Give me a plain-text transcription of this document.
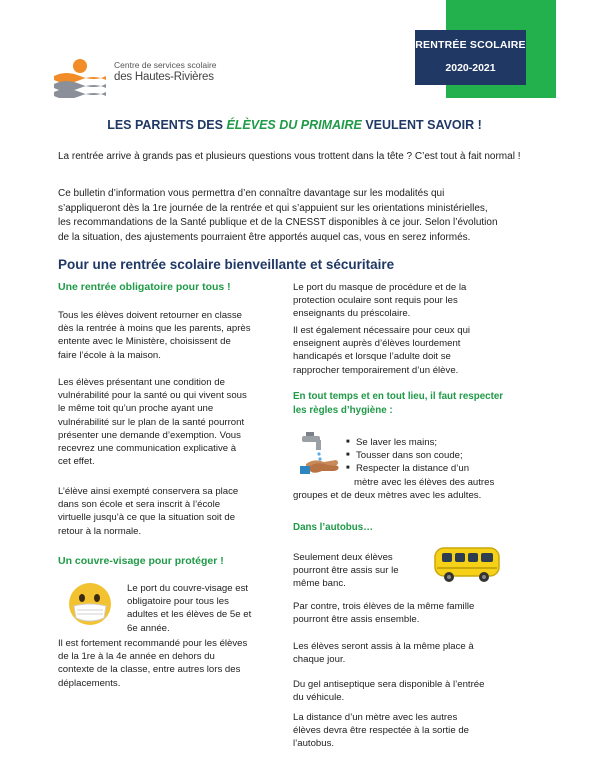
Centre de services scolaire
des Hautes-Rivières
RENTRÉE SCOLAIRE
2020-2021
LES PARENTS DES ÉLÈVES DU PRIMAIRE VEULENT SAVOIR !
La rentrée arrive à grands pas et plusieurs questions vous trottent dans la tête ? C’est tout à fait normal !
Ce bulletin d’information vous permettra d’en connaître davantage sur les modalités qui
s’appliqueront dès la 1re journée de la rentrée et qui s’appuient sur les orientations ministérielles,
les recommandations de la Santé publique et de la CNESST disponibles à ce jour. Selon l’évolution
de la situation, des ajustements pourraient être apportés auquel cas, vous en serez informés.
Pour une rentrée scolaire bienveillante et sécuritaire
Une rentrée obligatoire pour tous !
Tous les élèves doivent retourner en classe
dès la rentrée à moins que les parents, après
entente avec le Ministère, choisissent de
faire l’école à la maison.
Les élèves présentant une condition de
vulnérabilité pour la santé ou qui vivent sous
le même toit qu’un proche ayant une
vulnérabilité sur le plan de la santé pourront
présenter une demande d’exemption. Vous
recevrez une communication explicative à
cet effet.
L’élève ainsi exempté conservera sa place
dans son école et sera inscrit à l’école
virtuelle jusqu’à ce que la situation soit de
retour à la normale.
Un couvre-visage pour protéger !
Le port du couvre-visage est
obligatoire pour tous les
adultes et les élèves de 5e et
6e année.
Il est fortement recommandé pour les élèves
de la 1re à la 4e année en dehors du
contexte de la classe, entre autres lors des
déplacements.
Le port du masque de procédure et de la
protection oculaire sont requis pour les
enseignants du préscolaire.
Il est également nécessaire pour ceux qui
enseignent auprès d’élèves lourdement
handicapés et lorsque l’adulte doit se
rapprocher temporairement d’un élève.
En tout temps et en tout lieu, il faut respecter
les règles d’hygiène :
■ Se laver les mains;
■ Tousser dans son coude;
■ Respecter la distance d’un
mètre avec les élèves des autres
groupes et de deux mètres avec les adultes.
Dans l’autobus…
Seulement deux élèves
pourront être assis sur le
même banc.
Par contre, trois élèves de la même famille
pourront être assis ensemble.
Les élèves seront assis à la même place à
chaque jour.
Du gel antiseptique sera disponible à l’entrée
du véhicule.
La distance d’un mètre avec les autres
élèves devra être respectée à la sortie de
l’autobus.
